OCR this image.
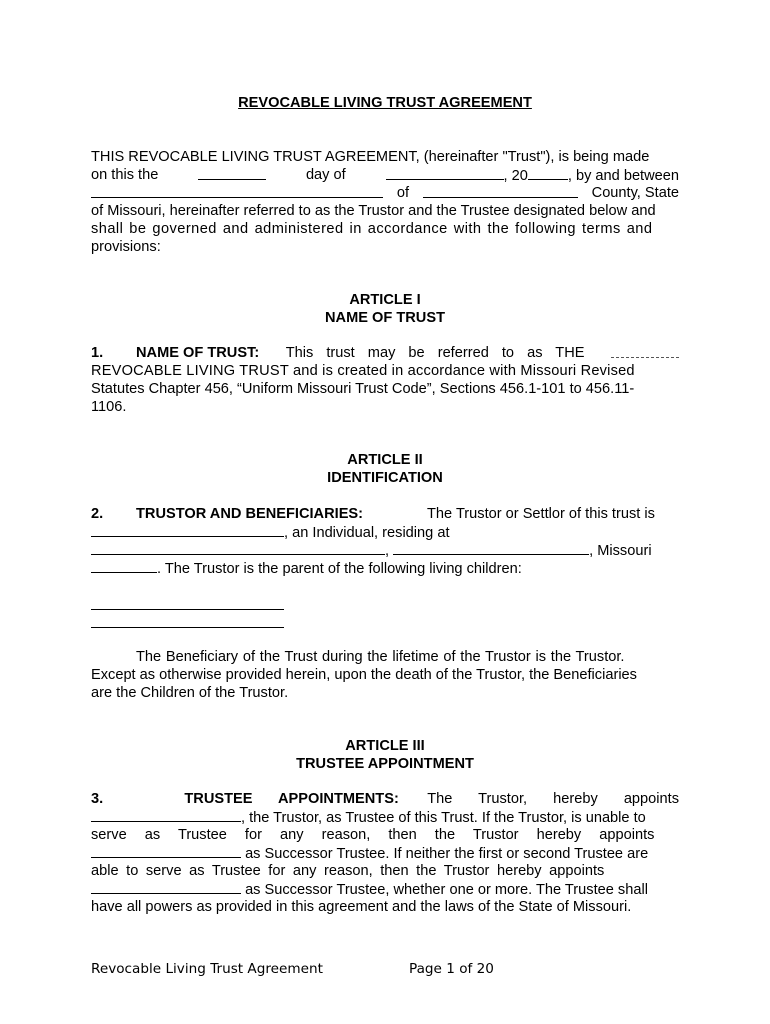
REVOCABLE LIVING TRUST AGREEMENT
THIS REVOCABLE LIVING TRUST AGREEMENT, (hereinafter "Trust"), is being made
on this the	day of	, 20	, by and between
of	County, State
of Missouri, hereinafter referred to as the Trustor and the Trustee designated below and
shall be governed and administered in accordance with the following terms and
provisions:
ARTICLE I
NAME OF TRUST
1. NAME OF TRUST: This trust may be referred to as THE
REVOCABLE LIVING TRUST and is created in accordance with Missouri Revised
Statutes Chapter 456, “Uniform Missouri Trust Code”, Sections 456.1-101 to 456.11-
1106.
ARTICLE II
IDENTIFICATION
2. TRUSTOR AND BENEFICIARIES:	The Trustor or Settlor of this trust is
, an Individual, residing at
,	, Missouri
. The Trustor is the parent of the following living children:
The Beneficiary of the Trust during the lifetime of the Trustor is the Trustor.
Except as otherwise provided herein, upon the death of the Trustor, the Beneficiaries
are the Children of the Trustor.
ARTICLE III
TRUSTEE APPOINTMENT
3.	TRUSTEE APPOINTMENTS: The Trustor, hereby appoints
, the Trustor, as Trustee of this Trust. If the Trustor, is unable to
serve as Trustee for any reason, then the Trustor hereby appoints
as Successor Trustee. If neither the first or second Trustee are
able to serve as Trustee for any reason, then the Trustor hereby appoints
as Successor Trustee, whether one or more. The Trustee shall
have all powers as provided in this agreement and the laws of the State of Missouri.
Revocable Living Trust Agreement	Page 1 of 20
